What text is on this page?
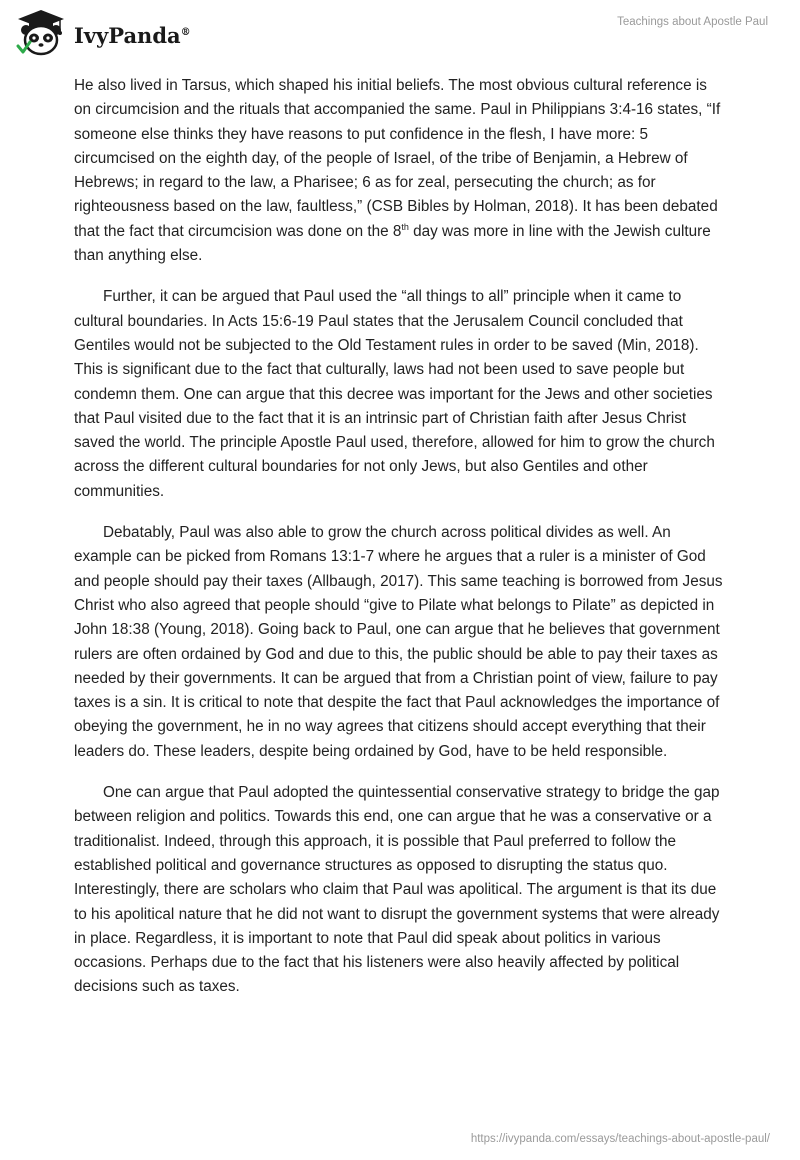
IvyPanda®
Teachings about Apostle Paul

He also lived in Tarsus, which shaped his initial beliefs. The most obvious cultural reference is on circumcision and the rituals that accompanied the same. Paul in Philippians 3:4-16 states, “If someone else thinks they have reasons to put confidence in the flesh, I have more: 5 circumcised on the eighth day, of the people of Israel, of the tribe of Benjamin, a Hebrew of Hebrews; in regard to the law, a Pharisee; 6 as for zeal, persecuting the church; as for righteousness based on the law, faultless,” (CSB Bibles by Holman, 2018). It has been debated that the fact that circumcision was done on the 8th day was more in line with the Jewish culture than anything else.

Further, it can be argued that Paul used the “all things to all” principle when it came to cultural boundaries. In Acts 15:6-19 Paul states that the Jerusalem Council concluded that Gentiles would not be subjected to the Old Testament rules in order to be saved (Min, 2018). This is significant due to the fact that culturally, laws had not been used to save people but condemn them. One can argue that this decree was important for the Jews and other societies that Paul visited due to the fact that it is an intrinsic part of Christian faith after Jesus Christ saved the world. The principle Apostle Paul used, therefore, allowed for him to grow the church across the different cultural boundaries for not only Jews, but also Gentiles and other communities.

Debatably, Paul was also able to grow the church across political divides as well. An example can be picked from Romans 13:1-7 where he argues that a ruler is a minister of God and people should pay their taxes (Allbaugh, 2017). This same teaching is borrowed from Jesus Christ who also agreed that people should “give to Pilate what belongs to Pilate” as depicted in John 18:38 (Young, 2018). Going back to Paul, one can argue that he believes that government rulers are often ordained by God and due to this, the public should be able to pay their taxes as needed by their governments. It can be argued that from a Christian point of view, failure to pay taxes is a sin. It is critical to note that despite the fact that Paul acknowledges the importance of obeying the government, he in no way agrees that citizens should accept everything that their leaders do. These leaders, despite being ordained by God, have to be held responsible.

One can argue that Paul adopted the quintessential conservative strategy to bridge the gap between religion and politics. Towards this end, one can argue that he was a conservative or a traditionalist. Indeed, through this approach, it is possible that Paul preferred to follow the established political and governance structures as opposed to disrupting the status quo. Interestingly, there are scholars who claim that Paul was apolitical. The argument is that its due to his apolitical nature that he did not want to disrupt the government systems that were already in place. Regardless, it is important to note that Paul did speak about politics in various occasions. Perhaps due to the fact that his listeners were also heavily affected by political decisions such as taxes.

https://ivypanda.com/essays/teachings-about-apostle-paul/
